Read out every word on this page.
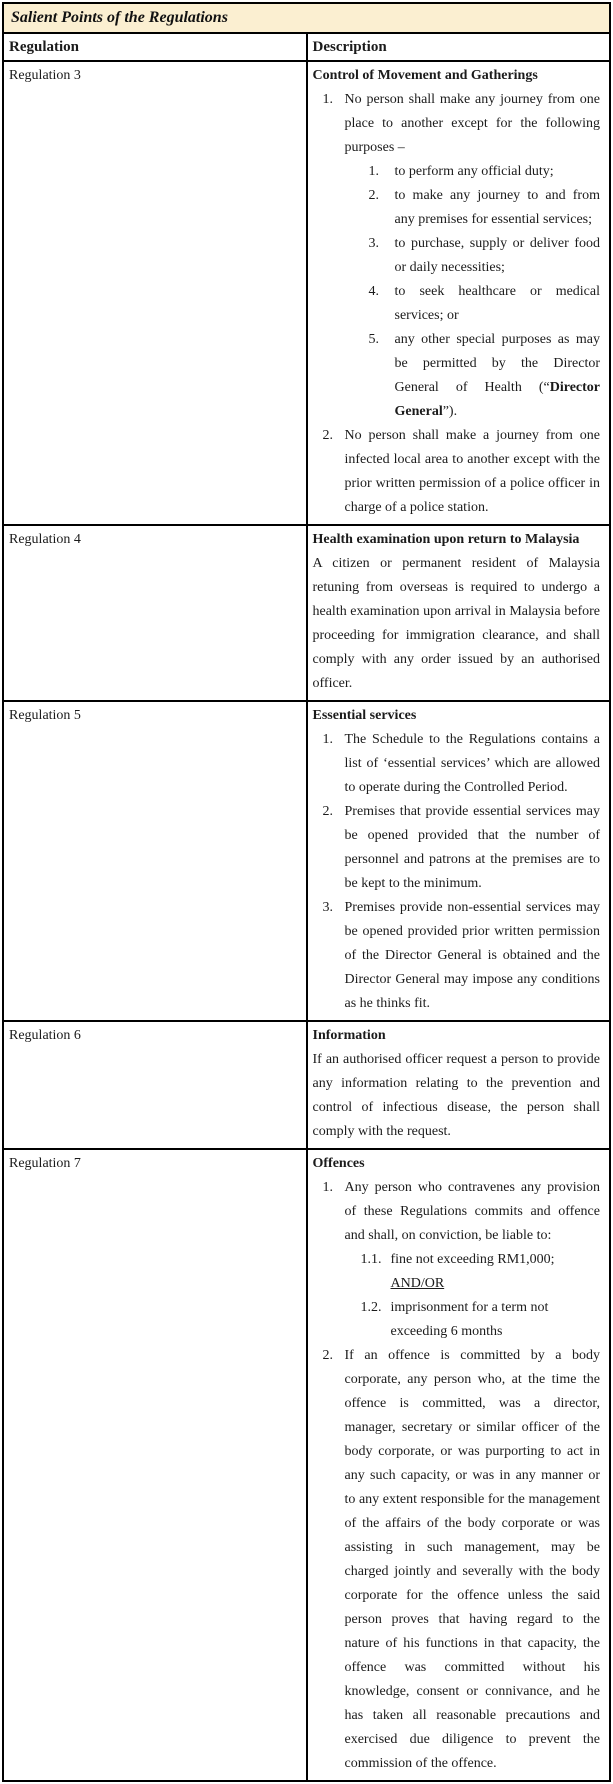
Salient Points of the Regulations	
Regulation	Description
Regulation 3	Control of Movement and Gatherings
1. No person shall make any journey from one place to another except for the following purposes –
1.	to perform any official duty;
2.	to make any journey to and from any premises for essential services;
3.	to purchase, supply or deliver food or daily necessities;
4.	to seek healthcare or medical services; or
5.	any other special purposes as may be permitted by the Director General of Health (“Director General”).
2. No person shall make a journey from one infected local area to another except with the prior written permission of a police officer in charge of a police station.

Regulation 4	Health examination upon return to Malaysia
A citizen or permanent resident of Malaysia retuning from overseas is required to undergo a health examination upon arrival in Malaysia before proceeding for immigration clearance, and shall comply with any order issued by an authorised officer.

Regulation 5	Essential services
1. The Schedule to the Regulations contains a list of ‘essential services’ which are allowed to operate during the Controlled Period.
2. Premises that provide essential services may be opened provided that the number of personnel and patrons at the premises are to be kept to the minimum.
3. Premises provide non-essential services may be opened provided prior written permission of the Director General is obtained and the Director General may impose any conditions as he thinks fit.

Regulation 6	Information
If an authorised officer request a person to provide any information relating to the prevention and control of infectious disease, the person shall comply with the request.

Regulation 7	Offences
1. Any person who contravenes any provision of these Regulations commits and offence and shall, on conviction, be liable to:
1.1. fine not exceeding RM1,000; AND/OR
1.2. imprisonment for a term not exceeding 6 months
2. If an offence is committed by a body corporate, any person who, at the time the offence is committed, was a director, manager, secretary or similar officer of the body corporate, or was purporting to act in any such capacity, or was in any manner or to any extent responsible for the management of the affairs of the body corporate or was assisting in such management, may be charged jointly and severally with the body corporate for the offence unless the said person proves that having regard to the nature of his functions in that capacity, the offence was committed without his knowledge, consent or connivance, and he has taken all reasonable precautions and exercised due diligence to prevent the commission of the offence.
